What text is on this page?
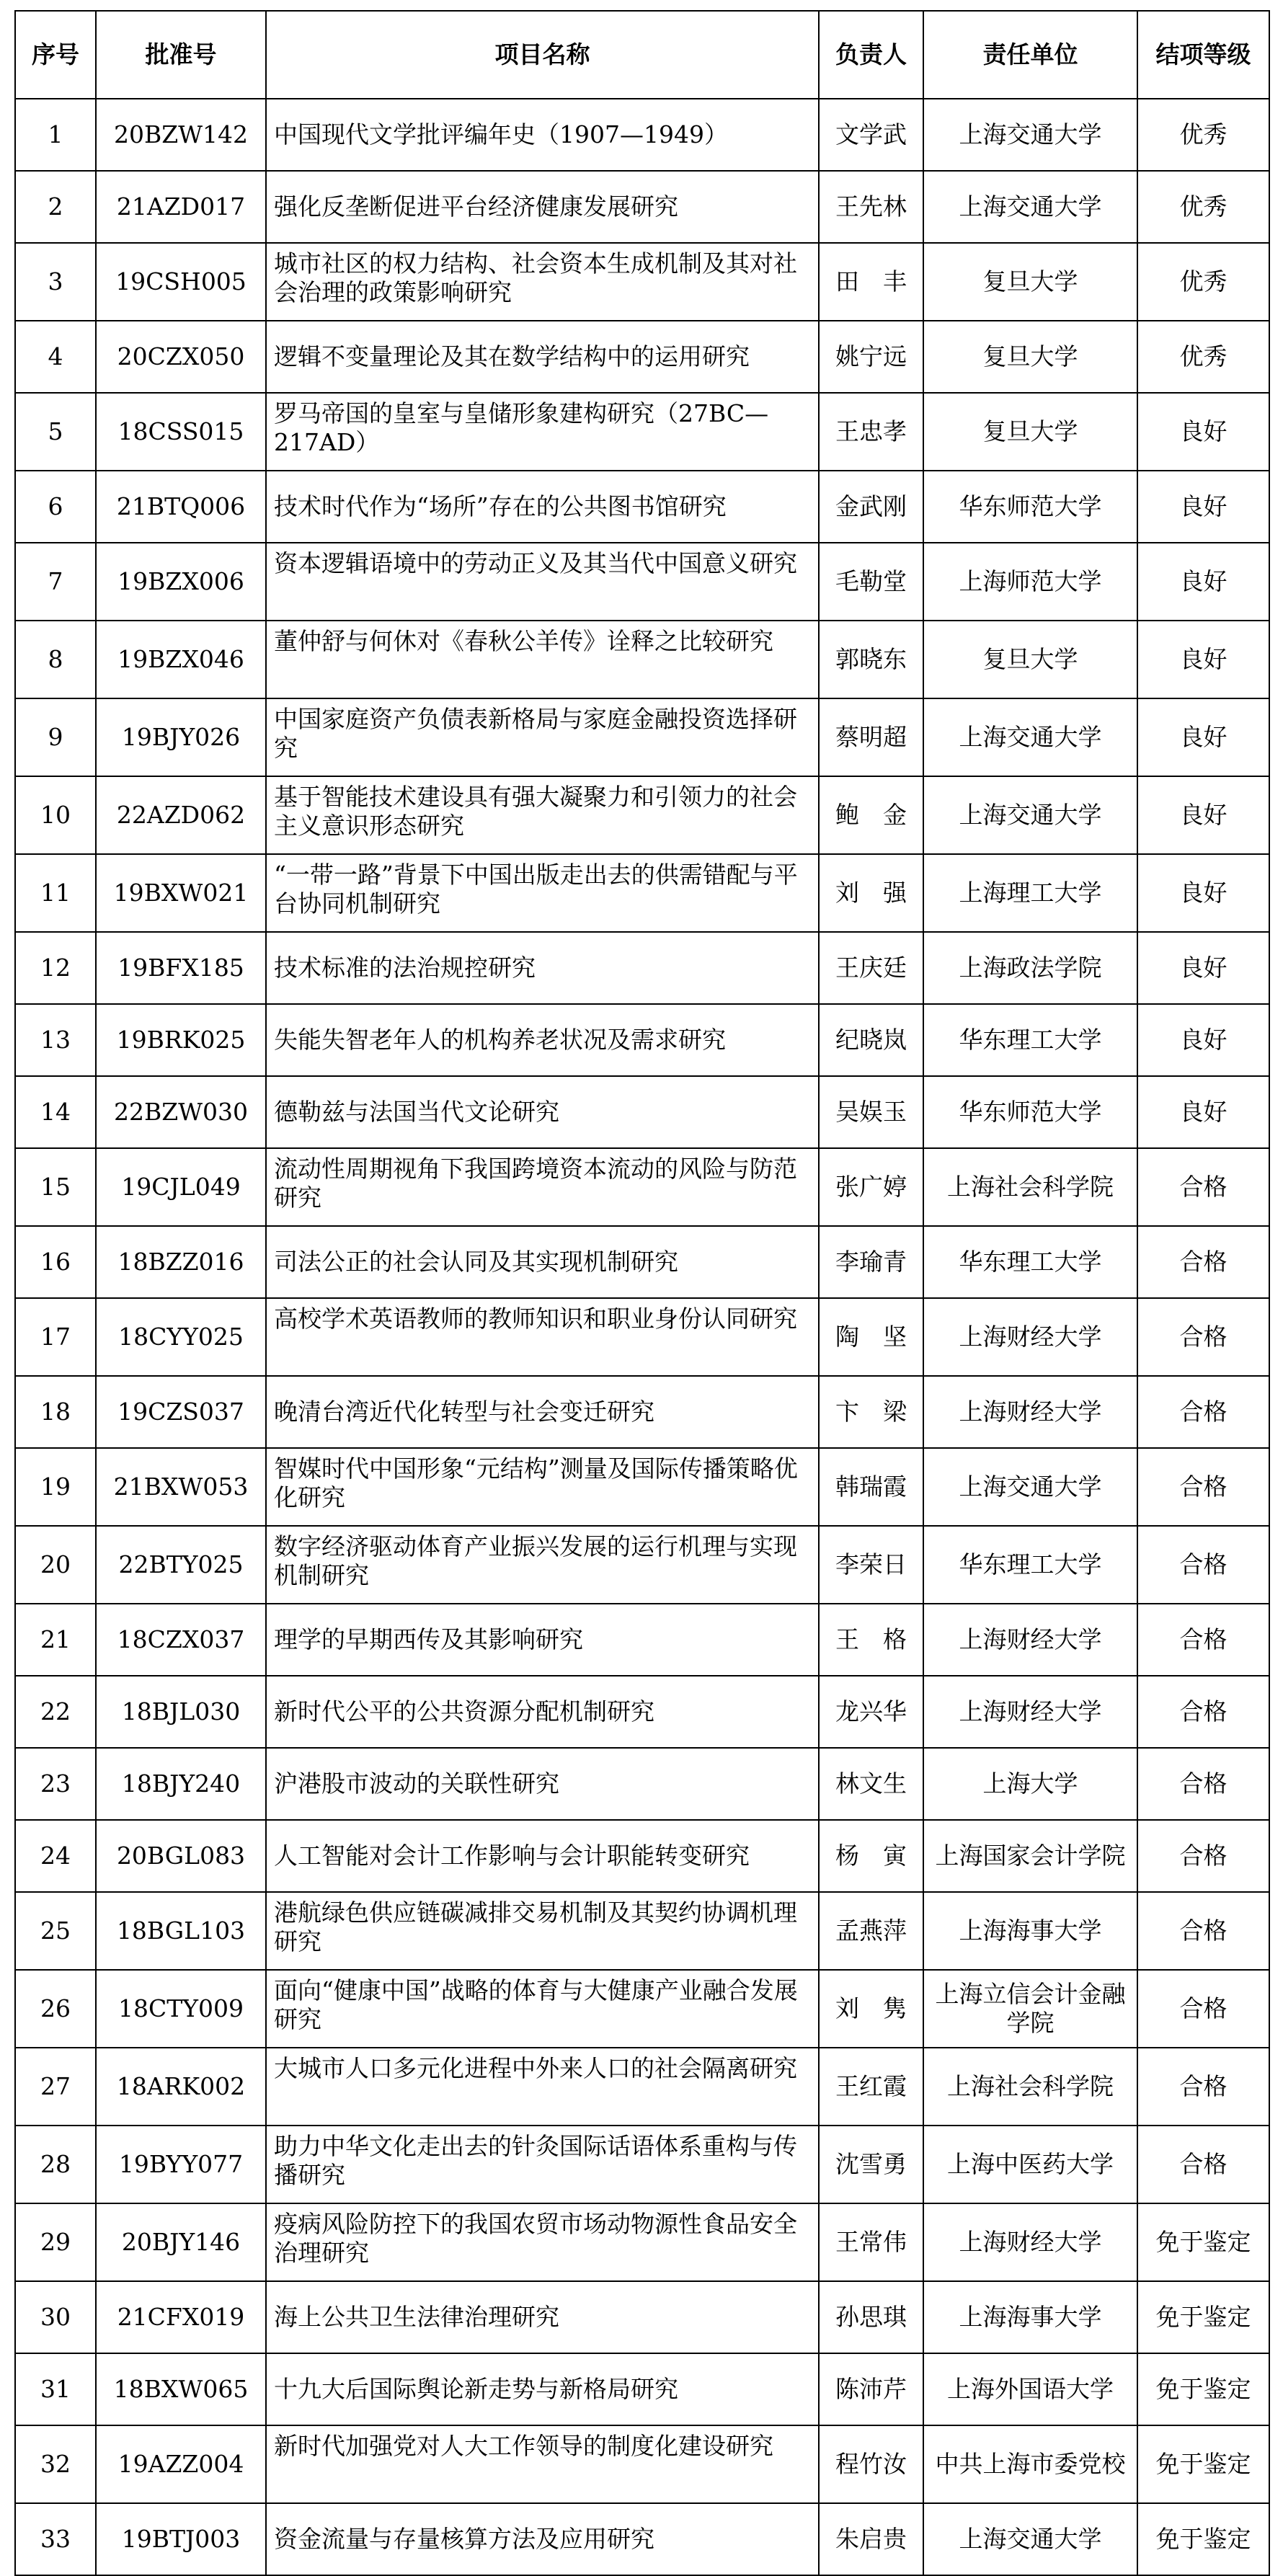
序号	批准号	项目名称	负责人	责任单位	结项等级
1	20BZW142	中国现代文学批评编年史（1907—1949）	文学武	上海交通大学	优秀
2	21AZD017	强化反垄断促进平台经济健康发展研究	王先林	上海交通大学	优秀
3	19CSH005	城市社区的权力结构、社会资本生成机制及其对社会治理的政策影响研究	田　丰	复旦大学	优秀
4	20CZX050	逻辑不变量理论及其在数学结构中的运用研究	姚宁远	复旦大学	优秀
5	18CSS015	罗马帝国的皇室与皇储形象建构研究（27BC—217AD）	王忠孝	复旦大学	良好
6	21BTQ006	技术时代作为“场所”存在的公共图书馆研究	金武刚	华东师范大学	良好
7	19BZX006	资本逻辑语境中的劳动正义及其当代中国意义研究	毛勒堂	上海师范大学	良好
8	19BZX046	董仲舒与何休对《春秋公羊传》诠释之比较研究	郭晓东	复旦大学	良好
9	19BJY026	中国家庭资产负债表新格局与家庭金融投资选择研究	蔡明超	上海交通大学	良好
10	22AZD062	基于智能技术建设具有强大凝聚力和引领力的社会主义意识形态研究	鲍　金	上海交通大学	良好
11	19BXW021	“一带一路”背景下中国出版走出去的供需错配与平台协同机制研究	刘　强	上海理工大学	良好
12	19BFX185	技术标准的法治规控研究	王庆廷	上海政法学院	良好
13	19BRK025	失能失智老年人的机构养老状况及需求研究	纪晓岚	华东理工大学	良好
14	22BZW030	德勒兹与法国当代文论研究	吴娱玉	华东师范大学	良好
15	19CJL049	流动性周期视角下我国跨境资本流动的风险与防范研究	张广婷	上海社会科学院	合格
16	18BZZ016	司法公正的社会认同及其实现机制研究	李瑜青	华东理工大学	合格
17	18CYY025	高校学术英语教师的教师知识和职业身份认同研究	陶　坚	上海财经大学	合格
18	19CZS037	晚清台湾近代化转型与社会变迁研究	卞　梁	上海财经大学	合格
19	21BXW053	智媒时代中国形象“元结构”测量及国际传播策略优化研究	韩瑞霞	上海交通大学	合格
20	22BTY025	数字经济驱动体育产业振兴发展的运行机理与实现机制研究	李荣日	华东理工大学	合格
21	18CZX037	理学的早期西传及其影响研究	王　格	上海财经大学	合格
22	18BJL030	新时代公平的公共资源分配机制研究	龙兴华	上海财经大学	合格
23	18BJY240	沪港股市波动的关联性研究	林文生	上海大学	合格
24	20BGL083	人工智能对会计工作影响与会计职能转变研究	杨　寅	上海国家会计学院	合格
25	18BGL103	港航绿色供应链碳减排交易机制及其契约协调机理研究	孟燕萍	上海海事大学	合格
26	18CTY009	面向“健康中国”战略的体育与大健康产业融合发展研究	刘　隽	上海立信会计金融学院	合格
27	18ARK002	大城市人口多元化进程中外来人口的社会隔离研究	王红霞	上海社会科学院	合格
28	19BYY077	助力中华文化走出去的针灸国际话语体系重构与传播研究	沈雪勇	上海中医药大学	合格
29	20BJY146	疫病风险防控下的我国农贸市场动物源性食品安全治理研究	王常伟	上海财经大学	免于鉴定
30	21CFX019	海上公共卫生法律治理研究	孙思琪	上海海事大学	免于鉴定
31	18BXW065	十九大后国际舆论新走势与新格局研究	陈沛芹	上海外国语大学	免于鉴定
32	19AZZ004	新时代加强党对人大工作领导的制度化建设研究	程竹汝	中共上海市委党校	免于鉴定
33	19BTJ003	资金流量与存量核算方法及应用研究	朱启贵	上海交通大学	免于鉴定
